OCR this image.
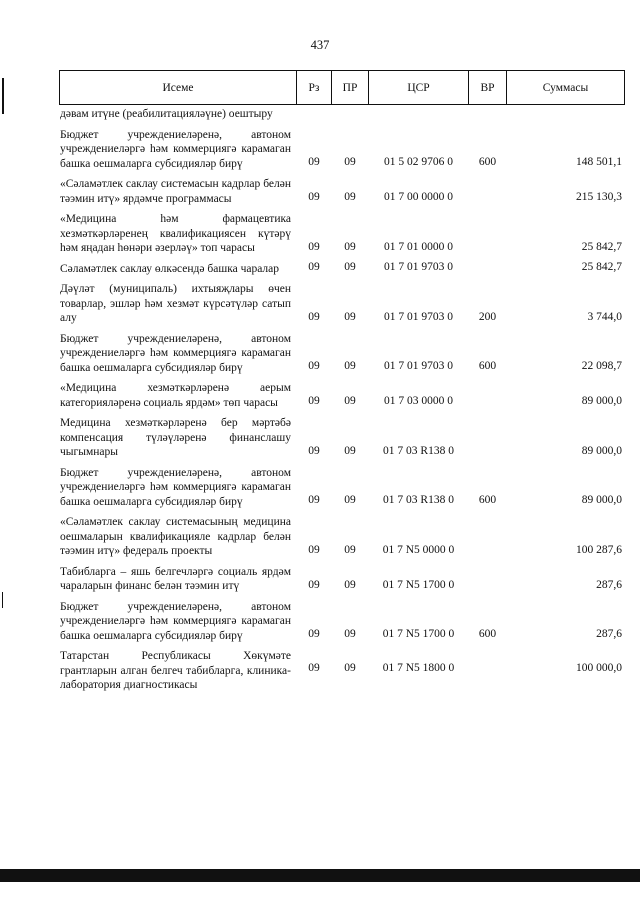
437
Исеме	Рз	ПР	ЦСР	ВР	Суммасы
дәвам итүне (реабилитацияләүне) оештыру					
Бюджет учреждениеләренә, автоном учреждениеләргә һәм коммерциягә карамаган башка оешмаларга субсидияләр бирү	09	09	01 5 02 9706 0	600	148 501,1
«Сәламәтлек саклау системасын кадрлар белән тәэмин итү» ярдәмче программасы	09	09	01 7 00 0000 0		215 130,3
«Медицина һәм фармацевтика хезмәткәрләренең квалификациясен күтәрү һәм яңадан һөнәри әзерләү» топ чарасы	09	09	01 7 01 0000 0		25 842,7
Сәламәтлек саклау өлкәсендә башка чаралар	09	09	01 7 01 9703 0		25 842,7
Дәүләт (муниципаль) ихтыяҗлары өчен товарлар, эшләр һәм хезмәт күрсәтүләр сатып алу	09	09	01 7 01 9703 0	200	3 744,0
Бюджет учреждениеләренә, автоном учреждениеләргә һәм коммерциягә карамаган башка оешмаларга субсидияләр бирү	09	09	01 7 01 9703 0	600	22 098,7
«Медицина хезмәткәрләренә аерым категорияләренә социаль ярдәм» төп чарасы	09	09	01 7 03 0000 0		89 000,0
Медицина хезмәткәрләренә бер мәртәбә компенсация түләүләренә финанслашу чыгымнары	09	09	01 7 03 R138 0		89 000,0
Бюджет учреждениеләренә, автоном учреждениеләргә һәм коммерциягә карамаган башка оешмаларга субсидияләр бирү	09	09	01 7 03 R138 0	600	89 000,0
«Сәламәтлек саклау системасының медицина оешмаларын квалификацияле кадрлар белән тәэмин итү» федераль проекты	09	09	01 7 N5 0000 0		100 287,6
Табибларга – яшь белгечләргә социаль ярдәм чараларын финанс белән тәэмин итү	09	09	01 7 N5 1700 0		287,6
Бюджет учреждениеләренә, автоном учреждениеләргә һәм коммерциягә карамаган башка оешмаларга субсидияләр бирү	09	09	01 7 N5 1700 0	600	287,6
Татарстан Республикасы Хөкүмәте грантларын алган белгеч табибларга, клиника-лаборатория диагностикасы	09	09	01 7 N5 1800 0		100 000,0
